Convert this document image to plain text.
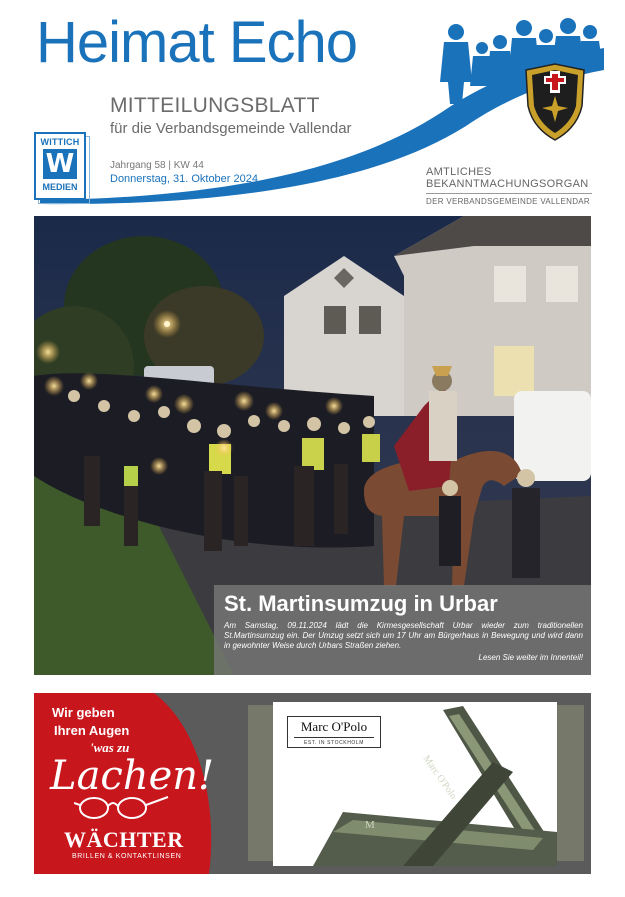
Heimat Echo
MITTEILUNGSBLATT
für die Verbandsgemeinde Vallendar
Jahrgang 58 | KW 44
Donnerstag, 31. Oktober 2024
WITTICH
W
MEDIEN
AMTLICHES
BEKANNTMACHUNGSORGAN
DER VERBANDSGEMEINDE VALLENDAR
St. Martinsumzug in Urbar
Am Samstag, 09.11.2024 lädt die Kirmesgesellschaft Urbar wieder zum traditionellen St.Martinsumzug ein. Der Umzug setzt sich um 17 Uhr am Bürgerhaus in Bewegung und wird dann in gewohnter Weise durch Urbars Straßen ziehen.
Lesen Sie weiter im Innenteil!
Wir geben
Ihren Augen
'was zu
Lachen!
WÄCHTER
BRILLEN & KONTAKTLINSEN
Marc O'Polo
M
Marc O'Polo
EST. IN STOCKHOLM
